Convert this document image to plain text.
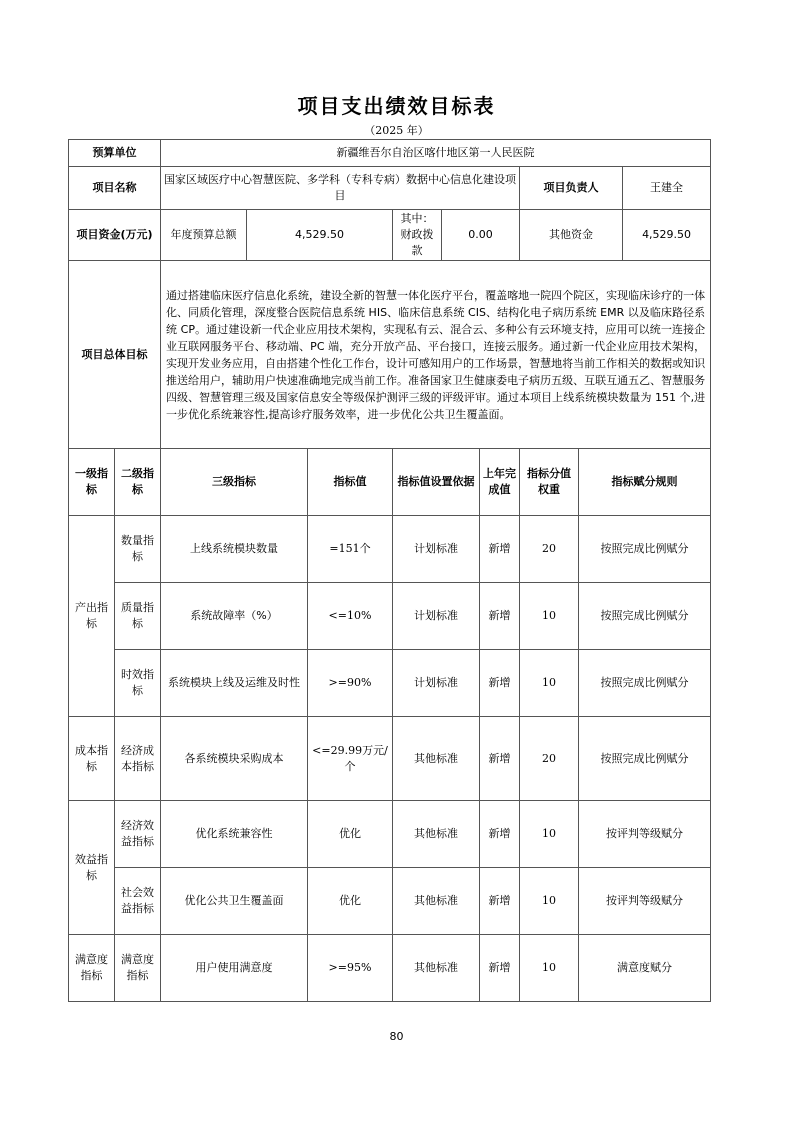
项目支出绩效目标表
（2025 年）
预算单位		新疆维吾尔自治区喀什地区第一人民医院									
项目名称		国家区域医疗中心智慧医院、多学科（专科专病）数据中心信息化建设项目						项目负责人		王建全	
项目资金(万元)		年度预算总额	4,529.50		其中：财政拨款	0.00		其他资金		4,529.50	
项目总体目标		通过搭建临床医疗信息化系统，建设全新的智慧一体化医疗平台，覆盖喀地一院四个院区，实现临床诊疗的一体化、同质化管理，深度整合医院信息系统 HIS、临床信息系统 CIS、结构化电子病历系统 EMR 以及临床路径系统 CP。通过建设新一代企业应用技术架构，实现私有云、混合云、多种公有云环境支持，应用可以统一连接企业互联网服务平台、移动端、PC 端，充分开放产品、平台接口，连接云服务。通过新一代企业应用技术架构，实现开发业务应用，自由搭建个性化工作台，设计可感知用户的工作场景，智慧地将当前工作相关的数据或知识推送给用户，辅助用户快速准确地完成当前工作。准备国家卫生健康委电子病历五级、互联互通五乙、智慧服务四级、智慧管理三级及国家信息安全等级保护测评三级的评级评审。通过本项目上线系统模块数量为 151 个,进一步优化系统兼容性,提高诊疗服务效率，进一步优化公共卫生覆盖面。									
一级指标	二级指标	三级指标		指标值	指标值设置依据		上年完成值	指标分值权重	指标赋分规则	
产出指标	数量指标	上线系统模块数量		=151个	计划标准		新增	20	按照完成比例赋分	
	质量指标	系统故障率（%）		<=10%	计划标准		新增	10	按照完成比例赋分	
	时效指标	系统模块上线及运维及时性		>=90%	计划标准		新增	10	按照完成比例赋分	
成本指标	经济成本指标	各系统模块采购成本		<=29.99万元/个	其他标准		新增	20	按照完成比例赋分	
效益指标	经济效益指标	优化系统兼容性		优化	其他标准		新增	10	按评判等级赋分	
	社会效益指标	优化公共卫生覆盖面		优化	其他标准		新增	10	按评判等级赋分	
满意度指标	满意度指标	用户使用满意度		>=95%	其他标准		新增	10	满意度赋分	
80
